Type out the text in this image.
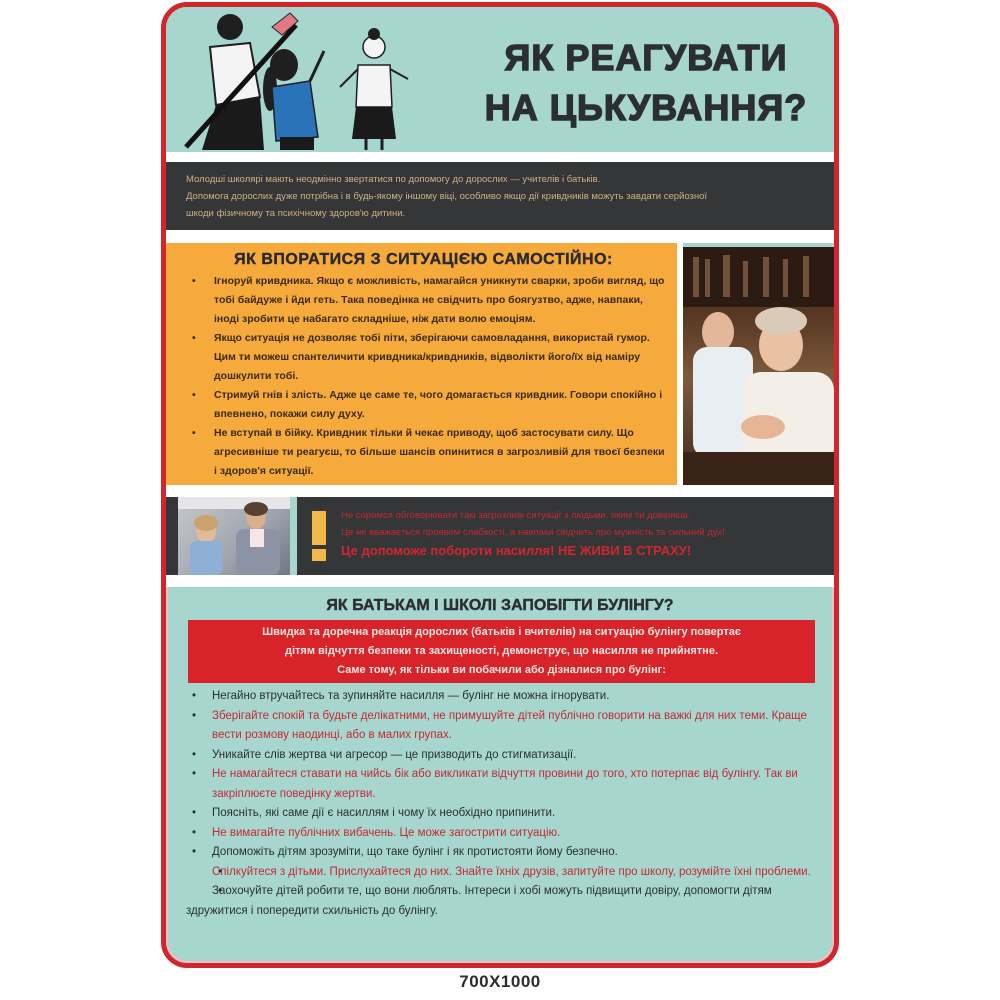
ЯК РЕАГУВАТИ
НА ЦЬКУВАННЯ?

Молодші школярі мають неодмінно звертатися по допомогу до дорослих — учителів і батьків.

Допомога дорослих дуже потрібна і в будь-якому іншому віці, особливо якщо дії кривдників можуть завдати серйозної

шкоди фізичному та психічному здоров'ю дитини.

ЯК ВПОРАТИСЯ З СИТУАЦІЄЮ САМОСТІЙНО:
• Ігноруй кривдника. Якщо є можливість, намагайся уникнути сварки, зроби вигляд, що тобі байдуже і йди геть. Така поведінка не свідчить про боягузтво, адже, навпаки, іноді зробити це набагато складніше, ніж дати волю емоціям.
• Якщо ситуація не дозволяє тобі піти, зберігаючи самовладання, використай гумор. Цим ти можеш спантеличити кривдника/кривдників, відволікти його/їх від наміру дошкулити тобі.
• Стримуй гнів і злість. Адже це саме те, чого домагається кривдник. Говори спокійно і впевнено, покажи силу духу.
• Не вступай в бійку. Кривдник тільки й чекає приводу, щоб застосувати силу. Що агресивніше ти реагуєш, то більше шансів опинитися в загрозливій для твоєї безпеки і здоров'я ситуації.

Не соромся обговорювати такі загрозливі ситуації з людьми, яким ти довіряєш.

Це не вважається проявом слабкості, а навпаки свідчить про мужність та сильний дух!

Це допоможе побороти насилля! НЕ ЖИВИ В СТРАХУ!

ЯК БАТЬКАМ І ШКОЛІ ЗАПОБІГТИ БУЛІНГУ?

Швидка та доречна реакція дорослих (батьків і вчителів) на ситуацію булінгу повертає

дітям відчуття безпеки та захищеності, демонструє, що насилля не прийнятне.

Саме тому, як тільки ви побачили або дізналися про булінг:

• Негайно втручайтесь та зупиняйте насилля — булінг не можна ігнорувати.
• Зберігайте спокій та будьте делікатними, не примушуйте дітей публічно говорити на важкі для них теми. Краще вести розмову наодинці, або в малих групах.
• Уникайте слів жертва чи агресор — це призводить до стигматизації.
• Не намагайтеся ставати на чийсь бік або викликати відчуття провини до того, хто потерпає від булінгу. Так ви закріплюєте поведінку жертви.
• Поясніть, які саме дії є насиллям і чому їх необхідно припинити.
• Не вимагайте публічних вибачень. Це може загострити ситуацію.
• Допоможіть дітям зрозуміти, що таке булінг і як протистояти йому безпечно.
• Спілкуйтеся з дітьми. Прислухайтеся до них. Знайте їхніх друзів, запитуйте про школу, розумійте їхні проблеми.
• Заохочуйте дітей робити те, що вони люблять. Інтереси і хобі можуть підвищити довіру, допомогти дітям здружитися і попередити схильність до булінгу.
700X1000
